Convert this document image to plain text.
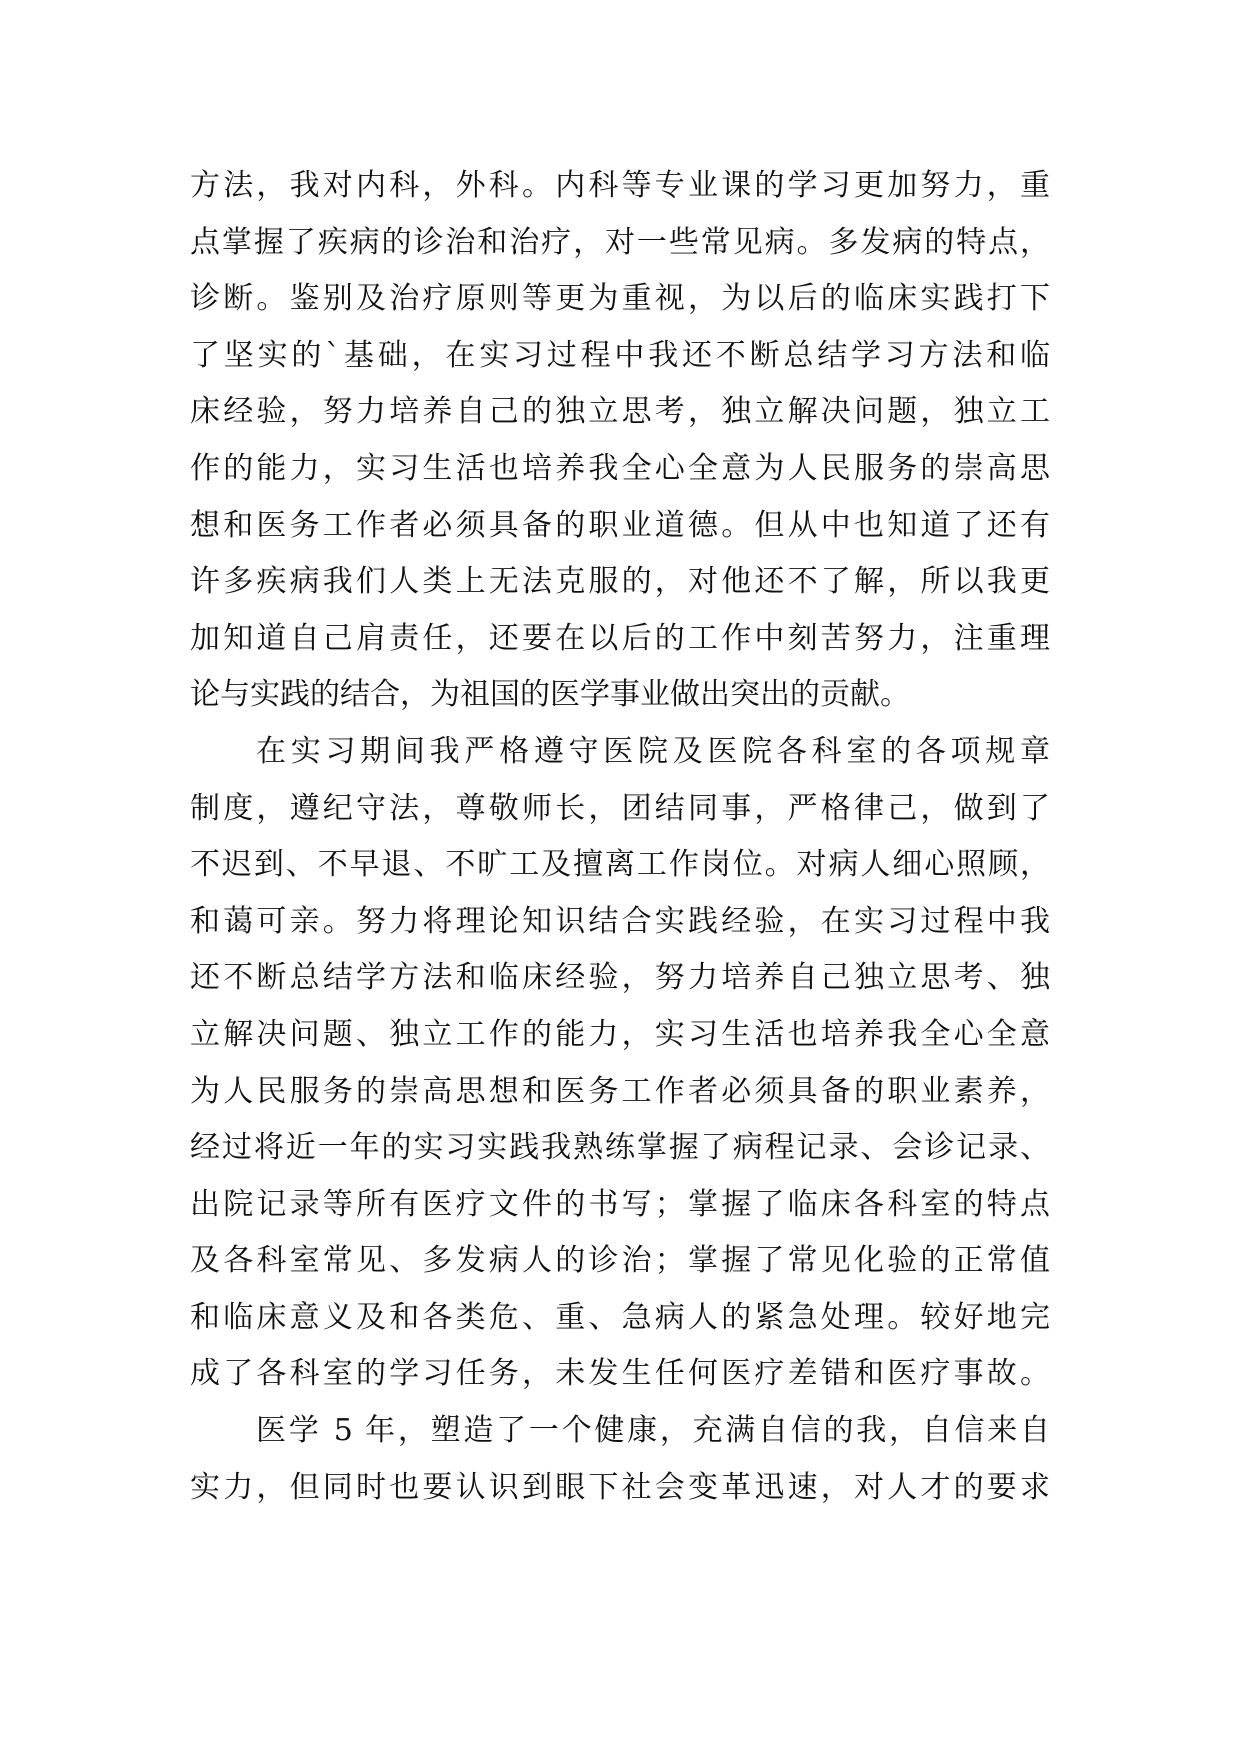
方法，我对内科，外科。内科等专业课的学习更加努力，重
点掌握了疾病的诊治和治疗，对一些常见病。多发病的特点，
诊断。鉴别及治疗原则等更为重视，为以后的临床实践打下
了坚实的`基础，在实习过程中我还不断总结学习方法和临
床经验，努力培养自己的独立思考，独立解决问题，独立工
作的能力，实习生活也培养我全心全意为人民服务的崇高思
想和医务工作者必须具备的职业道德。但从中也知道了还有
许多疾病我们人类上无法克服的，对他还不了解，所以我更
加知道自己肩责任，还要在以后的工作中刻苦努力，注重理
论与实践的结合，为祖国的医学事业做出突出的贡献。
在实习期间我严格遵守医院及医院各科室的各项规章
制度，遵纪守法，尊敬师长，团结同事，严格律己，做到了
不迟到、不早退、不旷工及擅离工作岗位。对病人细心照顾，
和蔼可亲。努力将理论知识结合实践经验，在实习过程中我
还不断总结学方法和临床经验，努力培养自己独立思考、独
立解决问题、独立工作的能力，实习生活也培养我全心全意
为人民服务的崇高思想和医务工作者必须具备的职业素养，
经过将近一年的实习实践我熟练掌握了病程记录、会诊记录、
出院记录等所有医疗文件的书写；掌握了临床各科室的特点
及各科室常见、多发病人的诊治；掌握了常见化验的正常值
和临床意义及和各类危、重、急病人的紧急处理。较好地完
成了各科室的学习任务，未发生任何医疗差错和医疗事故。
医学 5 年，塑造了一个健康，充满自信的我，自信来自
实力，但同时也要认识到眼下社会变革迅速，对人才的要求
